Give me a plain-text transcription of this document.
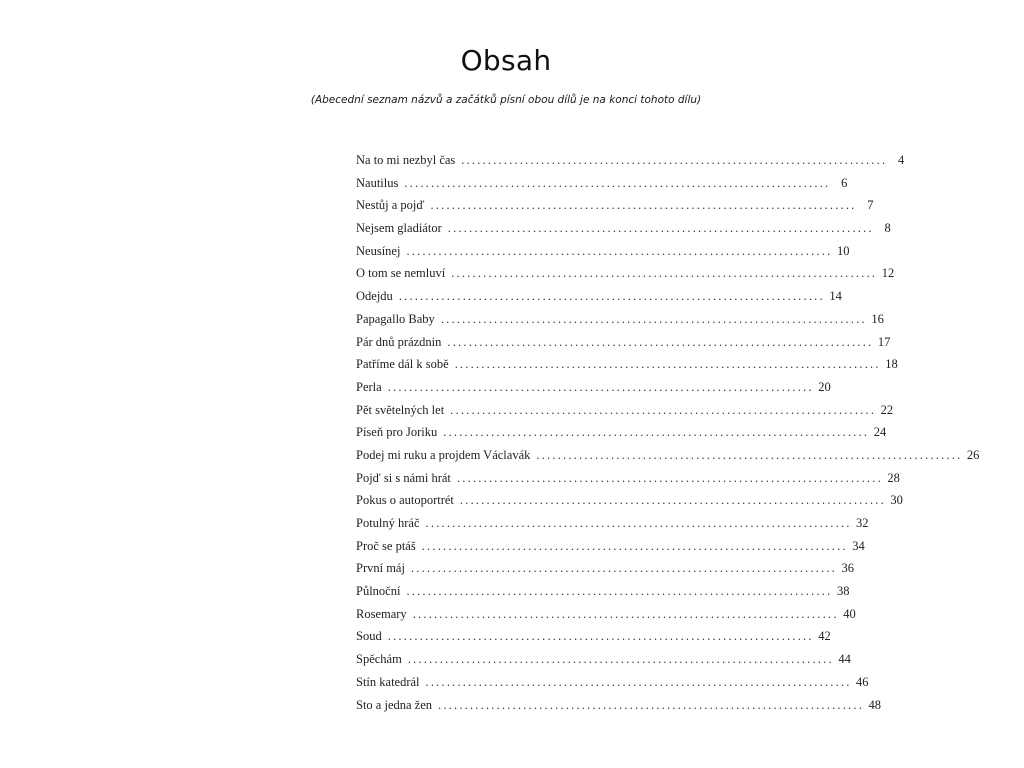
Obsah

(Abecední seznam názvů a začátků písní obou dílů je na konci tohoto dílu)

Na to mi nezbyl čas ................................................................................ 4
Nautilus ................................................................................ 6
Nestůj a pojď ................................................................................ 7
Nejsem gladiátor ................................................................................ 8
Neusínej ................................................................................ 10
O tom se nemluví ................................................................................ 12
Odejdu ................................................................................ 14
Papagallo Baby ................................................................................ 16
Pár dnů prázdnin ................................................................................ 17
Patříme dál k sobě ................................................................................ 18
Perla ................................................................................ 20
Pět světelných let ................................................................................ 22
Píseň pro Joriku ................................................................................ 24
Podej mi ruku a projdem Václavák ................................................................................ 26
Pojď si s námi hrát ................................................................................ 28
Pokus o autoportrét ................................................................................ 30
Potulný hráč ................................................................................ 32
Proč se ptáš ................................................................................ 34
První máj ................................................................................ 36
Půlnoční ................................................................................ 38
Rosemary ................................................................................ 40
Soud ................................................................................ 42
Spěchám ................................................................................ 44
Stín katedrál ................................................................................ 46
Sto a jedna žen ................................................................................ 48
